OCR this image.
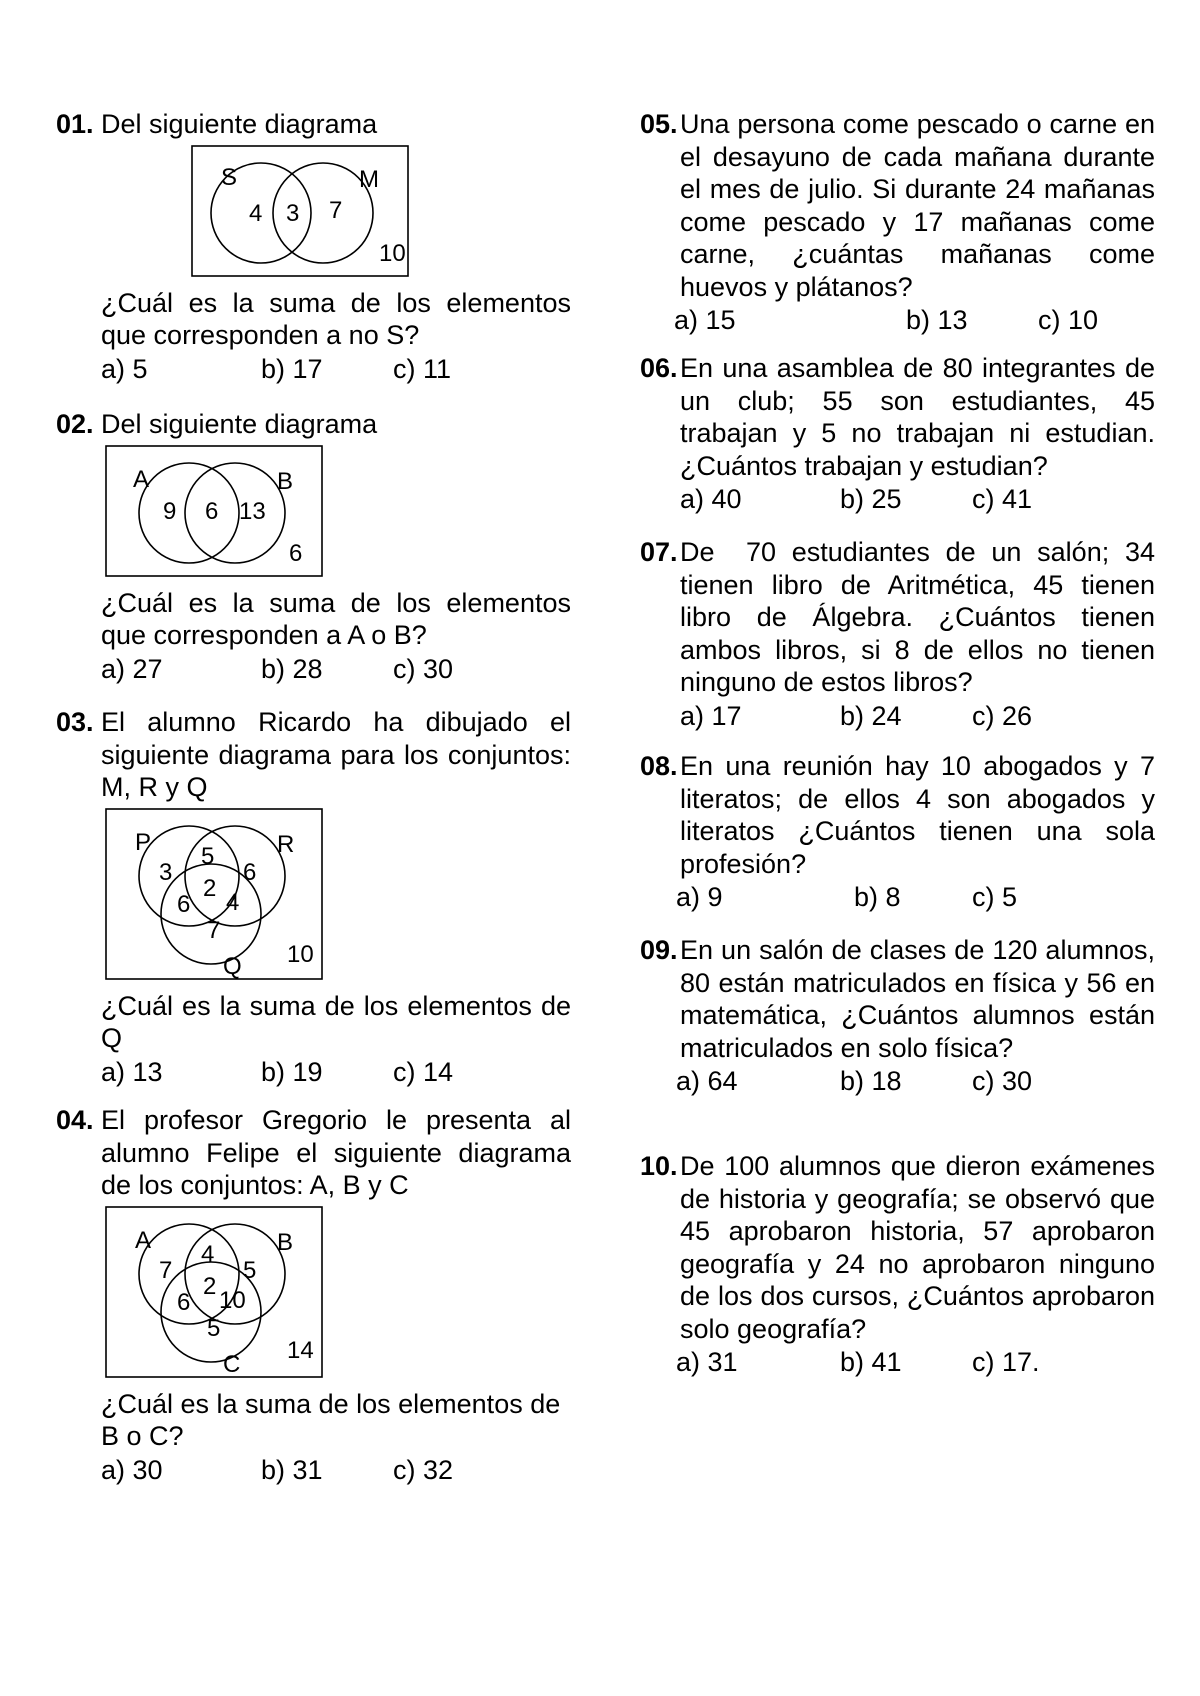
01. Del siguiente diagrama

S	M
4 3 7
10

¿Cuál es la suma de los elementos que corresponden a no S?

a) 5	b) 17	c) 11
02. Del siguiente diagrama

A	B
9 6 13
6

¿Cuál es la suma de los elementos que corresponden a A o B?

a) 27	b) 28	c) 30
03. El alumno Ricardo ha dibujado el siguiente diagrama para los conjuntos: M, R y Q

P	R
Q
3
5
6
6
2
4
7
10

¿Cuál es la suma de los elementos de Q

a) 13	b) 19	c) 14
04. El profesor Gregorio le presenta al alumno Felipe el siguiente diagrama de los conjuntos: A, B y C

A	B
C
7
4
5
6
2
10
5
14

¿Cuál es la suma de los elementos de B o C?

a) 30	b) 31	c) 32
05. Una persona come pescado o carne en el desayuno de cada mañana durante el mes de julio. Si durante 24 mañanas come pescado y 17 mañanas come carne, ¿cuántas mañanas come huevos y plátanos?

a) 15	b) 13	c) 10
06. En una asamblea de 80 integrantes de un club; 55 son estudiantes, 45 trabajan y 5 no trabajan ni estudian. ¿Cuántos trabajan y estudian?

a) 40	b) 25	c) 41
07. De  70 estudiantes de un salón; 34 tienen libro de Aritmética, 45 tienen libro de Álgebra. ¿Cuántos tienen ambos libros, si 8 de ellos no tienen ninguno de estos libros?

a) 17	b) 24	c) 26
08. En una reunión hay 10 abogados y 7 literatos; de ellos 4 son abogados y literatos ¿Cuántos tienen una sola profesión?

a) 9	b) 8	c) 5
09. En un salón de clases de 120 alumnos, 80 están matriculados en física y 56 en matemática, ¿Cuántos alumnos están matriculados en solo física?

a) 64	b) 18	c) 30
10. De 100 alumnos que dieron exámenes de historia y geografía; se observó que 45 aprobaron historia, 57 aprobaron geografía y 24 no aprobaron ninguno de los dos cursos, ¿Cuántos aprobaron solo geografía?

a) 31	b) 41	c) 17.
